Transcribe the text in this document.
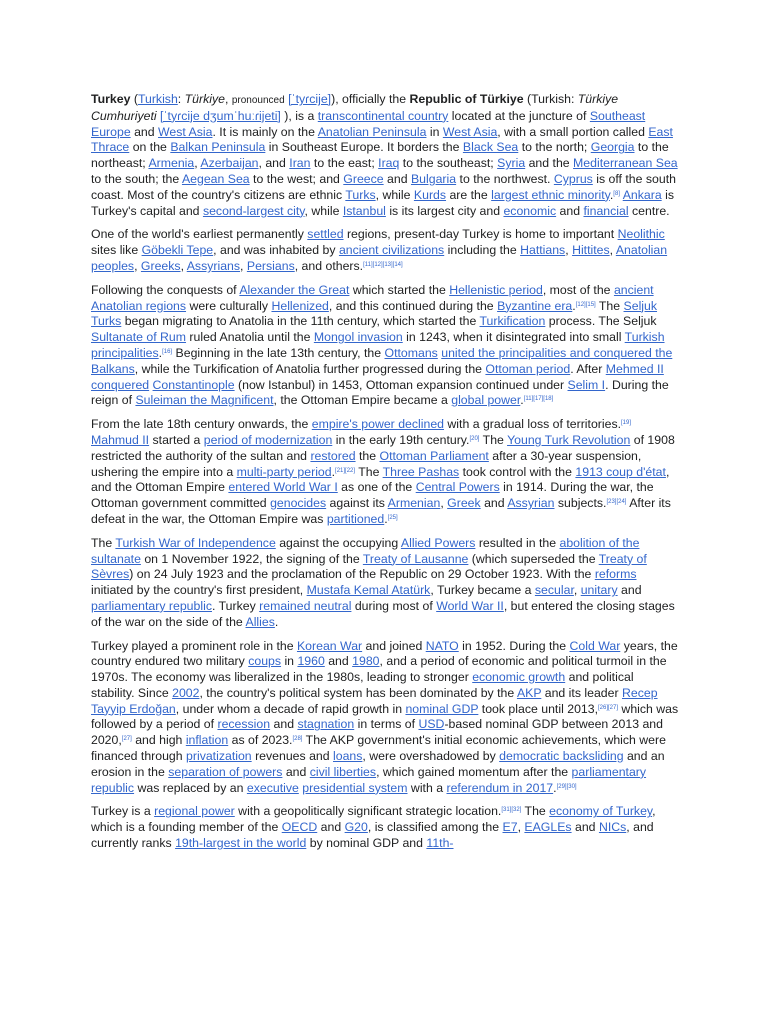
Turkey (Turkish: Türkiye, pronounced [ˈtyɾcije]), officially the Republic of Türkiye (Turkish: Türkiye Cumhuriyeti [ˈtyɾcije dʒumˈhuːɾijeti] ), is a transcontinental country located at the juncture of Southeast Europe and West Asia. It is mainly on the Anatolian Peninsula in West Asia, with a small portion called East Thrace on the Balkan Peninsula in Southeast Europe. It borders the Black Sea to the north; Georgia to the northeast; Armenia, Azerbaijan, and Iran to the east; Iraq to the southeast; Syria and the Mediterranean Sea to the south; the Aegean Sea to the west; and Greece and Bulgaria to the northwest. Cyprus is off the south coast. Most of the country's citizens are ethnic Turks, while Kurds are the largest ethnic minority.[8] Ankara is Turkey's capital and second-largest city, while Istanbul is its largest city and economic and financial centre.

One of the world's earliest permanently settled regions, present-day Turkey is home to important Neolithic sites like Göbekli Tepe, and was inhabited by ancient civilizations including the Hattians, Hittites, Anatolian peoples, Greeks, Assyrians, Persians, and others.[11][12][13][14]

Following the conquests of Alexander the Great which started the Hellenistic period, most of the ancient Anatolian regions were culturally Hellenized, and this continued during the Byzantine era.[12][15] The Seljuk Turks began migrating to Anatolia in the 11th century, which started the Turkification process. The Seljuk Sultanate of Rum ruled Anatolia until the Mongol invasion in 1243, when it disintegrated into small Turkish principalities.[16] Beginning in the late 13th century, the Ottomans united the principalities and conquered the Balkans, while the Turkification of Anatolia further progressed during the Ottoman period. After Mehmed II conquered Constantinople (now Istanbul) in 1453, Ottoman expansion continued under Selim I. During the reign of Suleiman the Magnificent, the Ottoman Empire became a global power.[11][17][18]

From the late 18th century onwards, the empire's power declined with a gradual loss of territories.[19] Mahmud II started a period of modernization in the early 19th century.[20] The Young Turk Revolution of 1908 restricted the authority of the sultan and restored the Ottoman Parliament after a 30-year suspension, ushering the empire into a multi-party period.[21][22] The Three Pashas took control with the 1913 coup d'état, and the Ottoman Empire entered World War I as one of the Central Powers in 1914. During the war, the Ottoman government committed genocides against its Armenian, Greek and Assyrian subjects.[23][24] After its defeat in the war, the Ottoman Empire was partitioned.[25]

The Turkish War of Independence against the occupying Allied Powers resulted in the abolition of the sultanate on 1 November 1922, the signing of the Treaty of Lausanne (which superseded the Treaty of Sèvres) on 24 July 1923 and the proclamation of the Republic on 29 October 1923. With the reforms initiated by the country's first president, Mustafa Kemal Atatürk, Turkey became a secular, unitary and parliamentary republic. Turkey remained neutral during most of World War II, but entered the closing stages of the war on the side of the Allies.

Turkey played a prominent role in the Korean War and joined NATO in 1952. During the Cold War years, the country endured two military coups in 1960 and 1980, and a period of economic and political turmoil in the 1970s. The economy was liberalized in the 1980s, leading to stronger economic growth and political stability. Since 2002, the country's political system has been dominated by the AKP and its leader Recep Tayyip Erdoğan, under whom a decade of rapid growth in nominal GDP took place until 2013,[26][27] which was followed by a period of recession and stagnation in terms of USD-based nominal GDP between 2013 and 2020,[27] and high inflation as of 2023.[28] The AKP government's initial economic achievements, which were financed through privatization revenues and loans, were overshadowed by democratic backsliding and an erosion in the separation of powers and civil liberties, which gained momentum after the parliamentary republic was replaced by an executive presidential system with a referendum in 2017.[29][30]

Turkey is a regional power with a geopolitically significant strategic location.[31][32] The economy of Turkey, which is a founding member of the OECD and G20, is classified among the E7, EAGLEs and NICs, and currently ranks 19th-largest in the world by nominal GDP and 11th-
